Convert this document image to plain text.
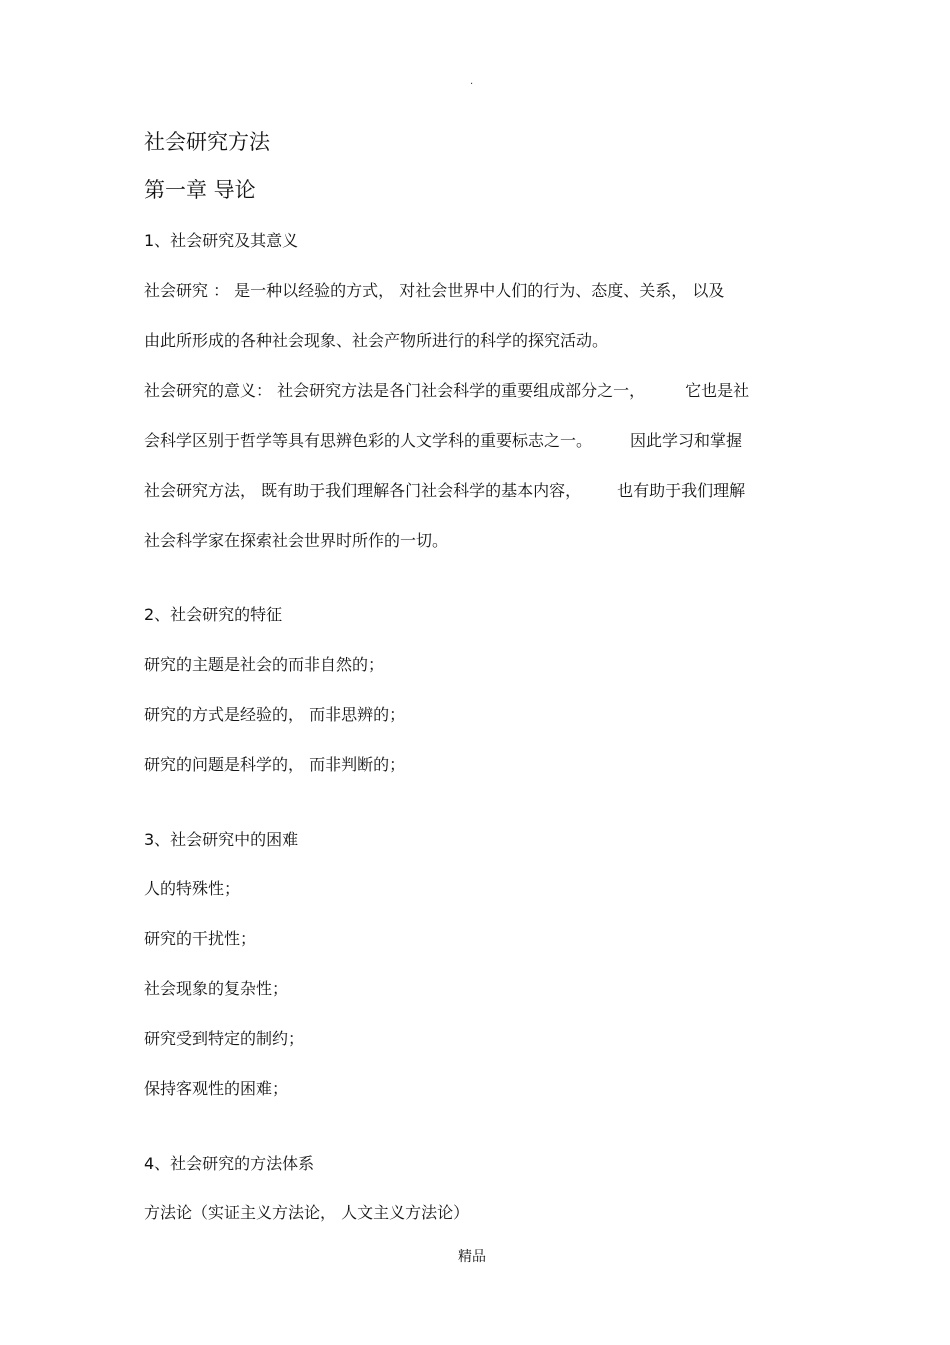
.
社会研究方法
第一章 导论
1、社会研究及其意义
社会研究 ： 是一种以经验的方式， 对社会世界中人们的行为、态度、关系， 以及
由此所形成的各种社会现象、社会产物所进行的科学的探究活动。
社会研究的意义： 社会研究方法是各门社会科学的重要组成部分之一，	它也是社
会科学区别于哲学等具有思辨色彩的人文学科的重要标志之一。 因此学习和掌握
社会研究方法， 既有助于我们理解各门社会科学的基本内容， 也有助于我们理解
社会科学家在探索社会世界时所作的一切。
2、社会研究的特征
研究的主题是社会的而非自然的；
研究的方式是经验的， 而非思辨的；
研究的问题是科学的， 而非判断的；
3、社会研究中的困难
人的特殊性；
研究的干扰性；
社会现象的复杂性；
研究受到特定的制约；
保持客观性的困难；
4、社会研究的方法体系
方法论（实证主义方法论， 人文主义方法论）
精品
